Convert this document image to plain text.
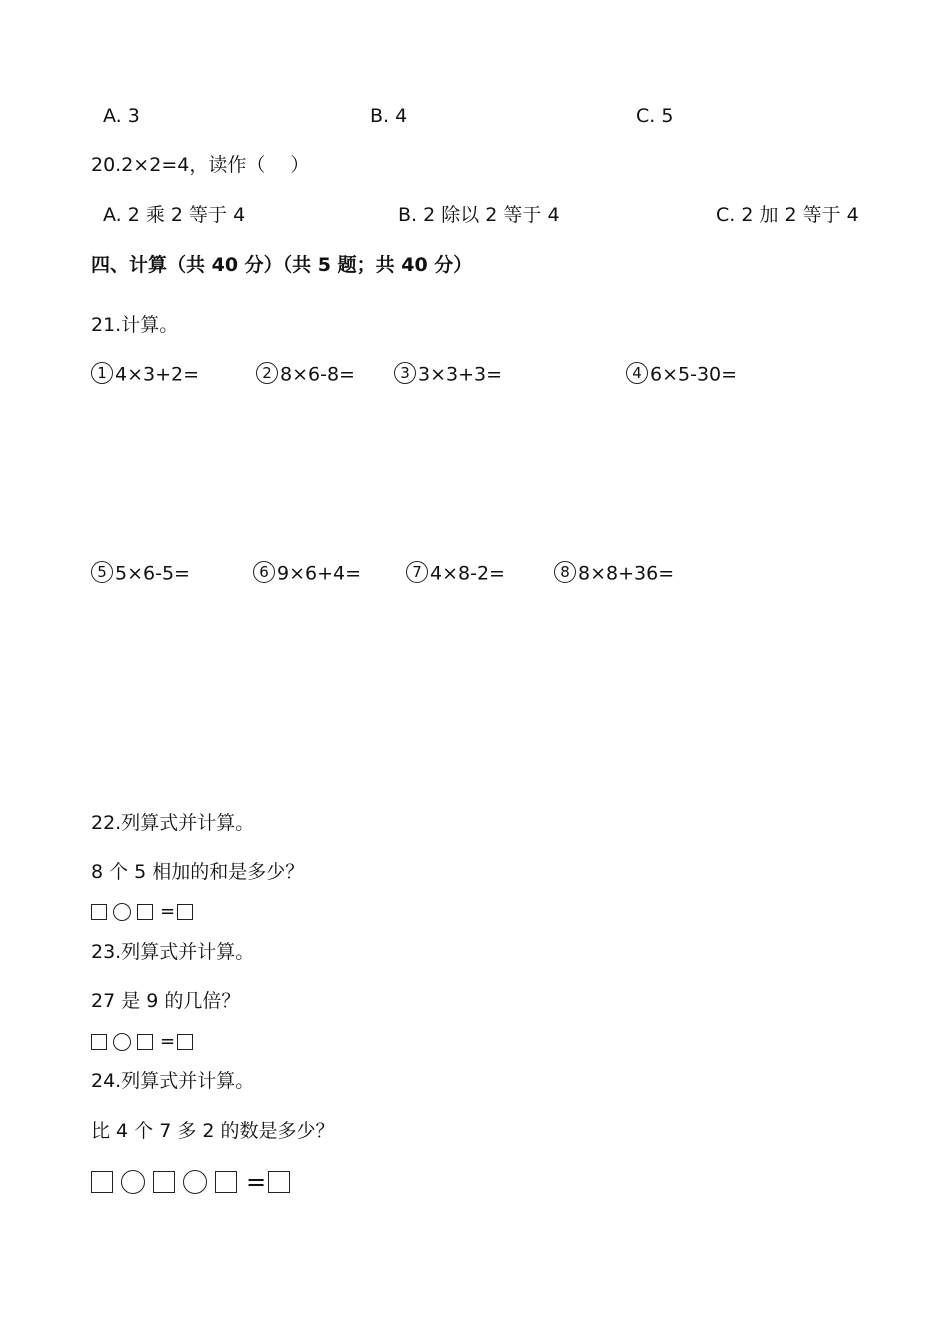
A. 3	B. 4	C. 5
20.2×2=4，读作（　 ）
A. 2 乘 2 等于 4	B. 2 除以 2 等于 4	C. 2 加 2 等于 4
四、计算（共 40 分）（共 5 题；共 40 分）
21.计算。
1 4×3+2=	2 8×6-8=	3 3×3+3=	4 6×5-30=
5 5×6-5=	6 9×6+4=	7 4×8-2=	8 8×8+36=
22.列算式并计算。
8 个 5 相加的和是多少？
=
23.列算式并计算。
27 是 9 的几倍？
=
24.列算式并计算。
比 4 个 7 多 2 的数是多少？
=
